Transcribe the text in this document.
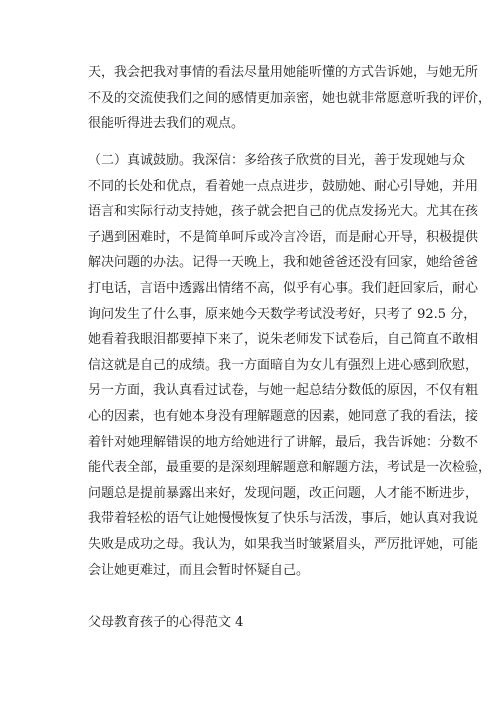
天，我会把我对事情的看法尽量用她能听懂的方式告诉她，与她无所
不及的交流使我们之间的感情更加亲密，她也就非常愿意听我的评价，
很能听得进去我们的观点。
（二）真诚鼓励。我深信：多给孩子欣赏的目光，善于发现她与众
不同的长处和优点，看着她一点点进步，鼓励她、耐心引导她，并用
语言和实际行动支持她，孩子就会把自己的优点发扬光大。尤其在孩
子遇到困难时，不是简单呵斥或冷言冷语，而是耐心开导，积极提供
解决问题的办法。记得一天晚上，我和她爸爸还没有回家，她给爸爸
打电话，言语中透露出情绪不高，似乎有心事。我们赶回家后，耐心
询问发生了什么事，原来她今天数学考试没考好，只考了 92.5 分，
她看着我眼泪都要掉下来了，说朱老师发下试卷后，自己简直不敢相
信这就是自己的成绩。我一方面暗自为女儿有强烈上进心感到欣慰，
另一方面，我认真看过试卷，与她一起总结分数低的原因，不仅有粗
心的因素，也有她本身没有理解题意的因素，她同意了我的看法，接
着针对她理解错误的地方给她进行了讲解，最后，我告诉她：分数不
能代表全部，最重要的是深刻理解题意和解题方法，考试是一次检验，
问题总是提前暴露出来好，发现问题，改正问题，人才能不断进步，
我带着轻松的语气让她慢慢恢复了快乐与活泼，事后，她认真对我说
失败是成功之母。我认为，如果我当时皱紧眉头，严厉批评她，可能
会让她更难过，而且会暂时怀疑自己。
父母教育孩子的心得范文 4
